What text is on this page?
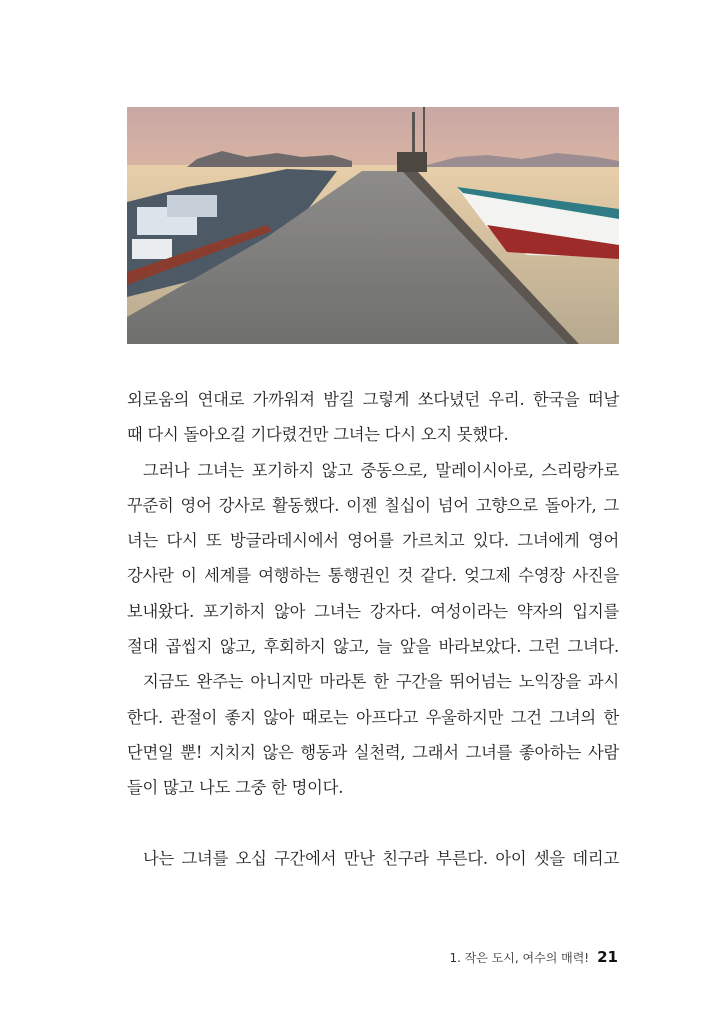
외로움의 연대로 가까워져 밤길 그렇게 쏘다녔던 우리. 한국을 떠날
때 다시 돌아오길 기다렸건만 그녀는 다시 오지 못했다.
그러나 그녀는 포기하지 않고 중동으로, 말레이시아로, 스리랑카로
꾸준히 영어 강사로 활동했다. 이젠 칠십이 넘어 고향으로 돌아가, 그
녀는 다시 또 방글라데시에서 영어를 가르치고 있다. 그녀에게 영어
강사란 이 세계를 여행하는 통행권인 것 같다. 엊그제 수영장 사진을
보내왔다. 포기하지 않아 그녀는 강자다. 여성이라는 약자의 입지를
절대 곱씹지 않고, 후회하지 않고, 늘 앞을 바라보았다. 그런 그녀다.
지금도 완주는 아니지만 마라톤 한 구간을 뛰어넘는 노익장을 과시
한다. 관절이 좋지 않아 때로는 아프다고 우울하지만 그건 그녀의 한
단면일 뿐! 지치지 않은 행동과 실천력, 그래서 그녀를 좋아하는 사람
들이 많고 나도 그중 한 명이다.
나는 그녀를 오십 구간에서 만난 친구라 부른다. 아이 셋을 데리고
1. 작은 도시, 여수의 매력! 21
